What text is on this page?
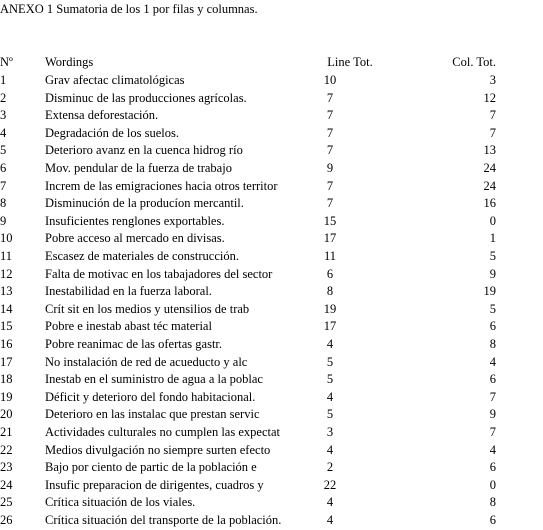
ANEXO 1 Sumatoria de los 1 por filas y columnas.
Nº	Wordings	Line Tot.	Col. Tot.
1	Grav afectac climatológicas	10	3
2	Disminuc de las producciones agrícolas.	7	12
3	Extensa deforestación.	7	7
4	Degradación de los suelos.	7	7
5	Deterioro avanz en la cuenca hidrog río	7	13
6	Mov. pendular de la fuerza de trabajo	9	24
7	Increm de las emigraciones hacia otros territor	7	24
8	Disminución de la producíon mercantil.	7	16
9	Insuficientes renglones exportables.	15	0
10	Pobre acceso al mercado en divisas.	17	1
11	Escasez de materiales de construcción.	11	5
12	Falta de motivac en los tabajadores del sector	6	9
13	Inestabilidad en la fuerza laboral.	8	19
14	Crít sit en los medios y utensilios de trab	19	5
15	Pobre e inestab abast téc material	17	6
16	Pobre reanimac de las ofertas gastr.	4	8
17	No instalación de red de acueducto y alc	5	4
18	Inestab en el suministro de agua a la poblac	5	6
19	Déficit y deterioro del fondo habitacional.	4	7
20	Deterioro en las instalac que prestan servic	5	9
21	Actividades culturales no cumplen las expectat	3	7
22	Medios divulgación no siempre surten efecto	4	4
23	Bajo por ciento de partic de la población e	2	6
24	Insufic preparacion de dirigentes, cuadros y	22	0
25	Crítica situación de los viales.	4	8
26	Crítica situación del transporte de la población.	4	6
